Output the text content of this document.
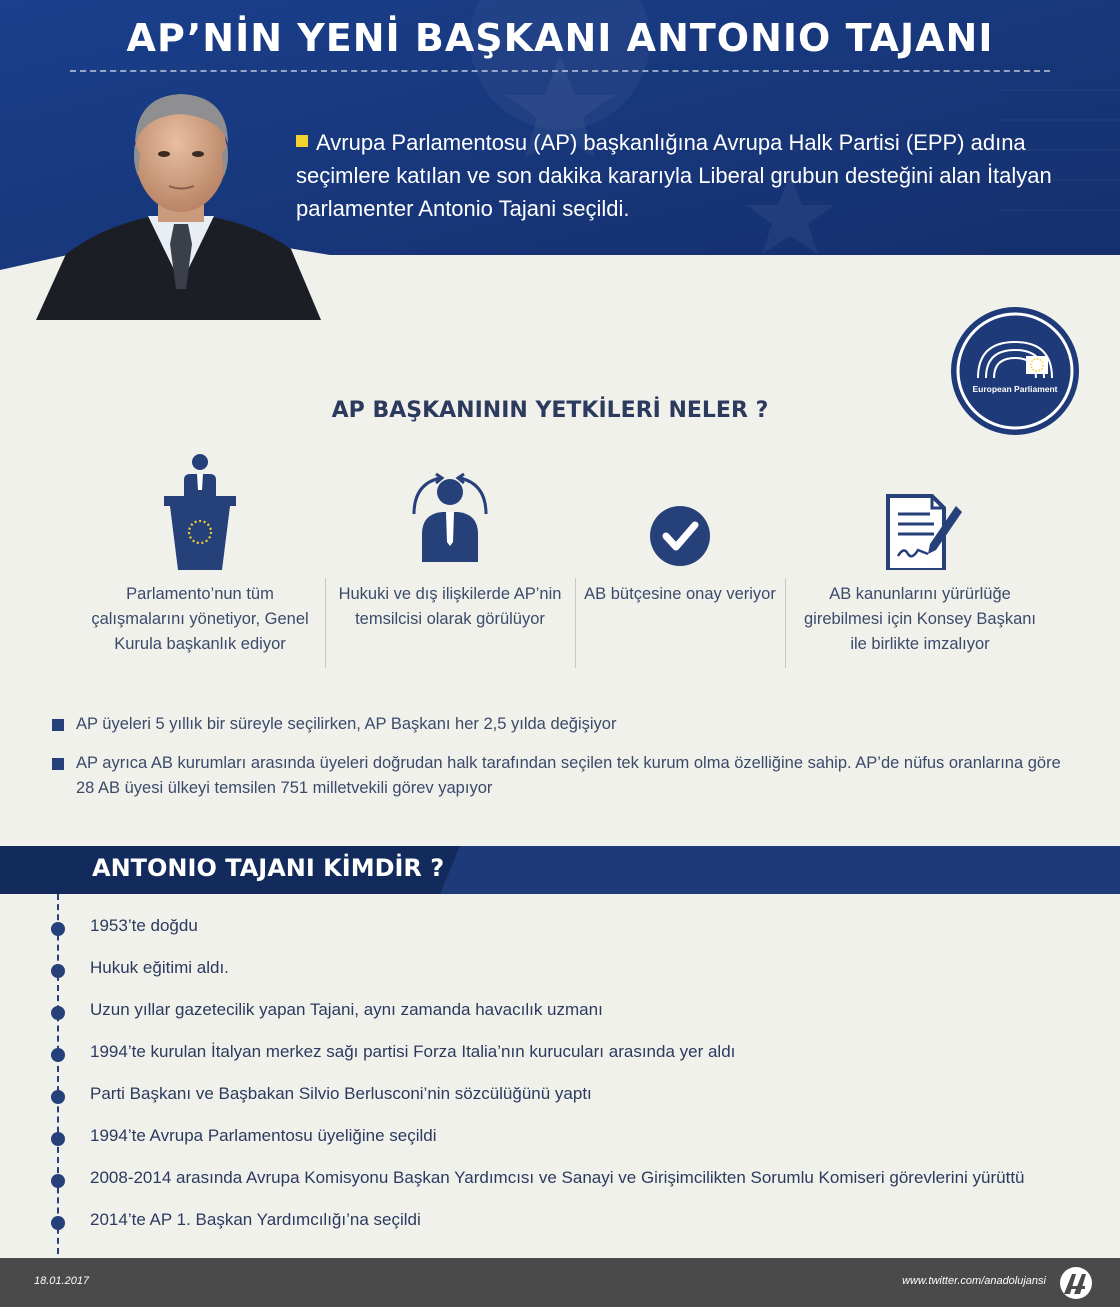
AP’NİN YENİ BAŞKANI ANTONIO TAJANI
Avrupa Parlamentosu (AP) başkanlığına Avrupa Halk Partisi (EPP) adına seçimlere katılan ve son dakika kararıyla Liberal grubun desteğini alan İtalyan parlamenter Antonio Tajani seçildi.
European Parliament
AP BAŞKANININ YETKİLERİ NELER ?
Parlamento’nun tüm çalışmalarını yönetiyor, Genel Kurula başkanlık ediyor
Hukuki ve dış ilişkilerde AP’nin temsilcisi olarak görülüyor
AB bütçesine onay veriyor	AB kanunlarını yürürlüğe girebilmesi için Konsey Başkanı ile birlikte imzalıyor
AP üyeleri 5 yıllık bir süreyle seçilirken, AP Başkanı her 2,5 yılda değişiyor
AP ayrıca AB kurumları arasında üyeleri doğrudan halk tarafından seçilen tek kurum olma özelliğine sahip. AP’de nüfus oranlarına göre 28 AB üyesi ülkeyi temsilen 751 milletvekili görev yapıyor
ANTONIO TAJANI KİMDİR ?
1953’te doğdu
Hukuk eğitimi aldı.
Uzun yıllar gazetecilik yapan Tajani, aynı zamanda havacılık uzmanı
1994’te kurulan İtalyan merkez sağı partisi Forza Italia’nın kurucuları arasında yer aldı
Parti Başkanı ve Başbakan Silvio Berlusconi’nin sözcülüğünü yaptı
1994’te Avrupa Parlamentosu üyeliğine seçildi
2008-2014 arasında Avrupa Komisyonu Başkan Yardımcısı ve Sanayi ve Girişimcilikten Sorumlu Komiseri görevlerini yürüttü
2014’te AP 1. Başkan Yardımcılığı’na seçildi
18.01.2017	www.twitter.com/anadolujansi
